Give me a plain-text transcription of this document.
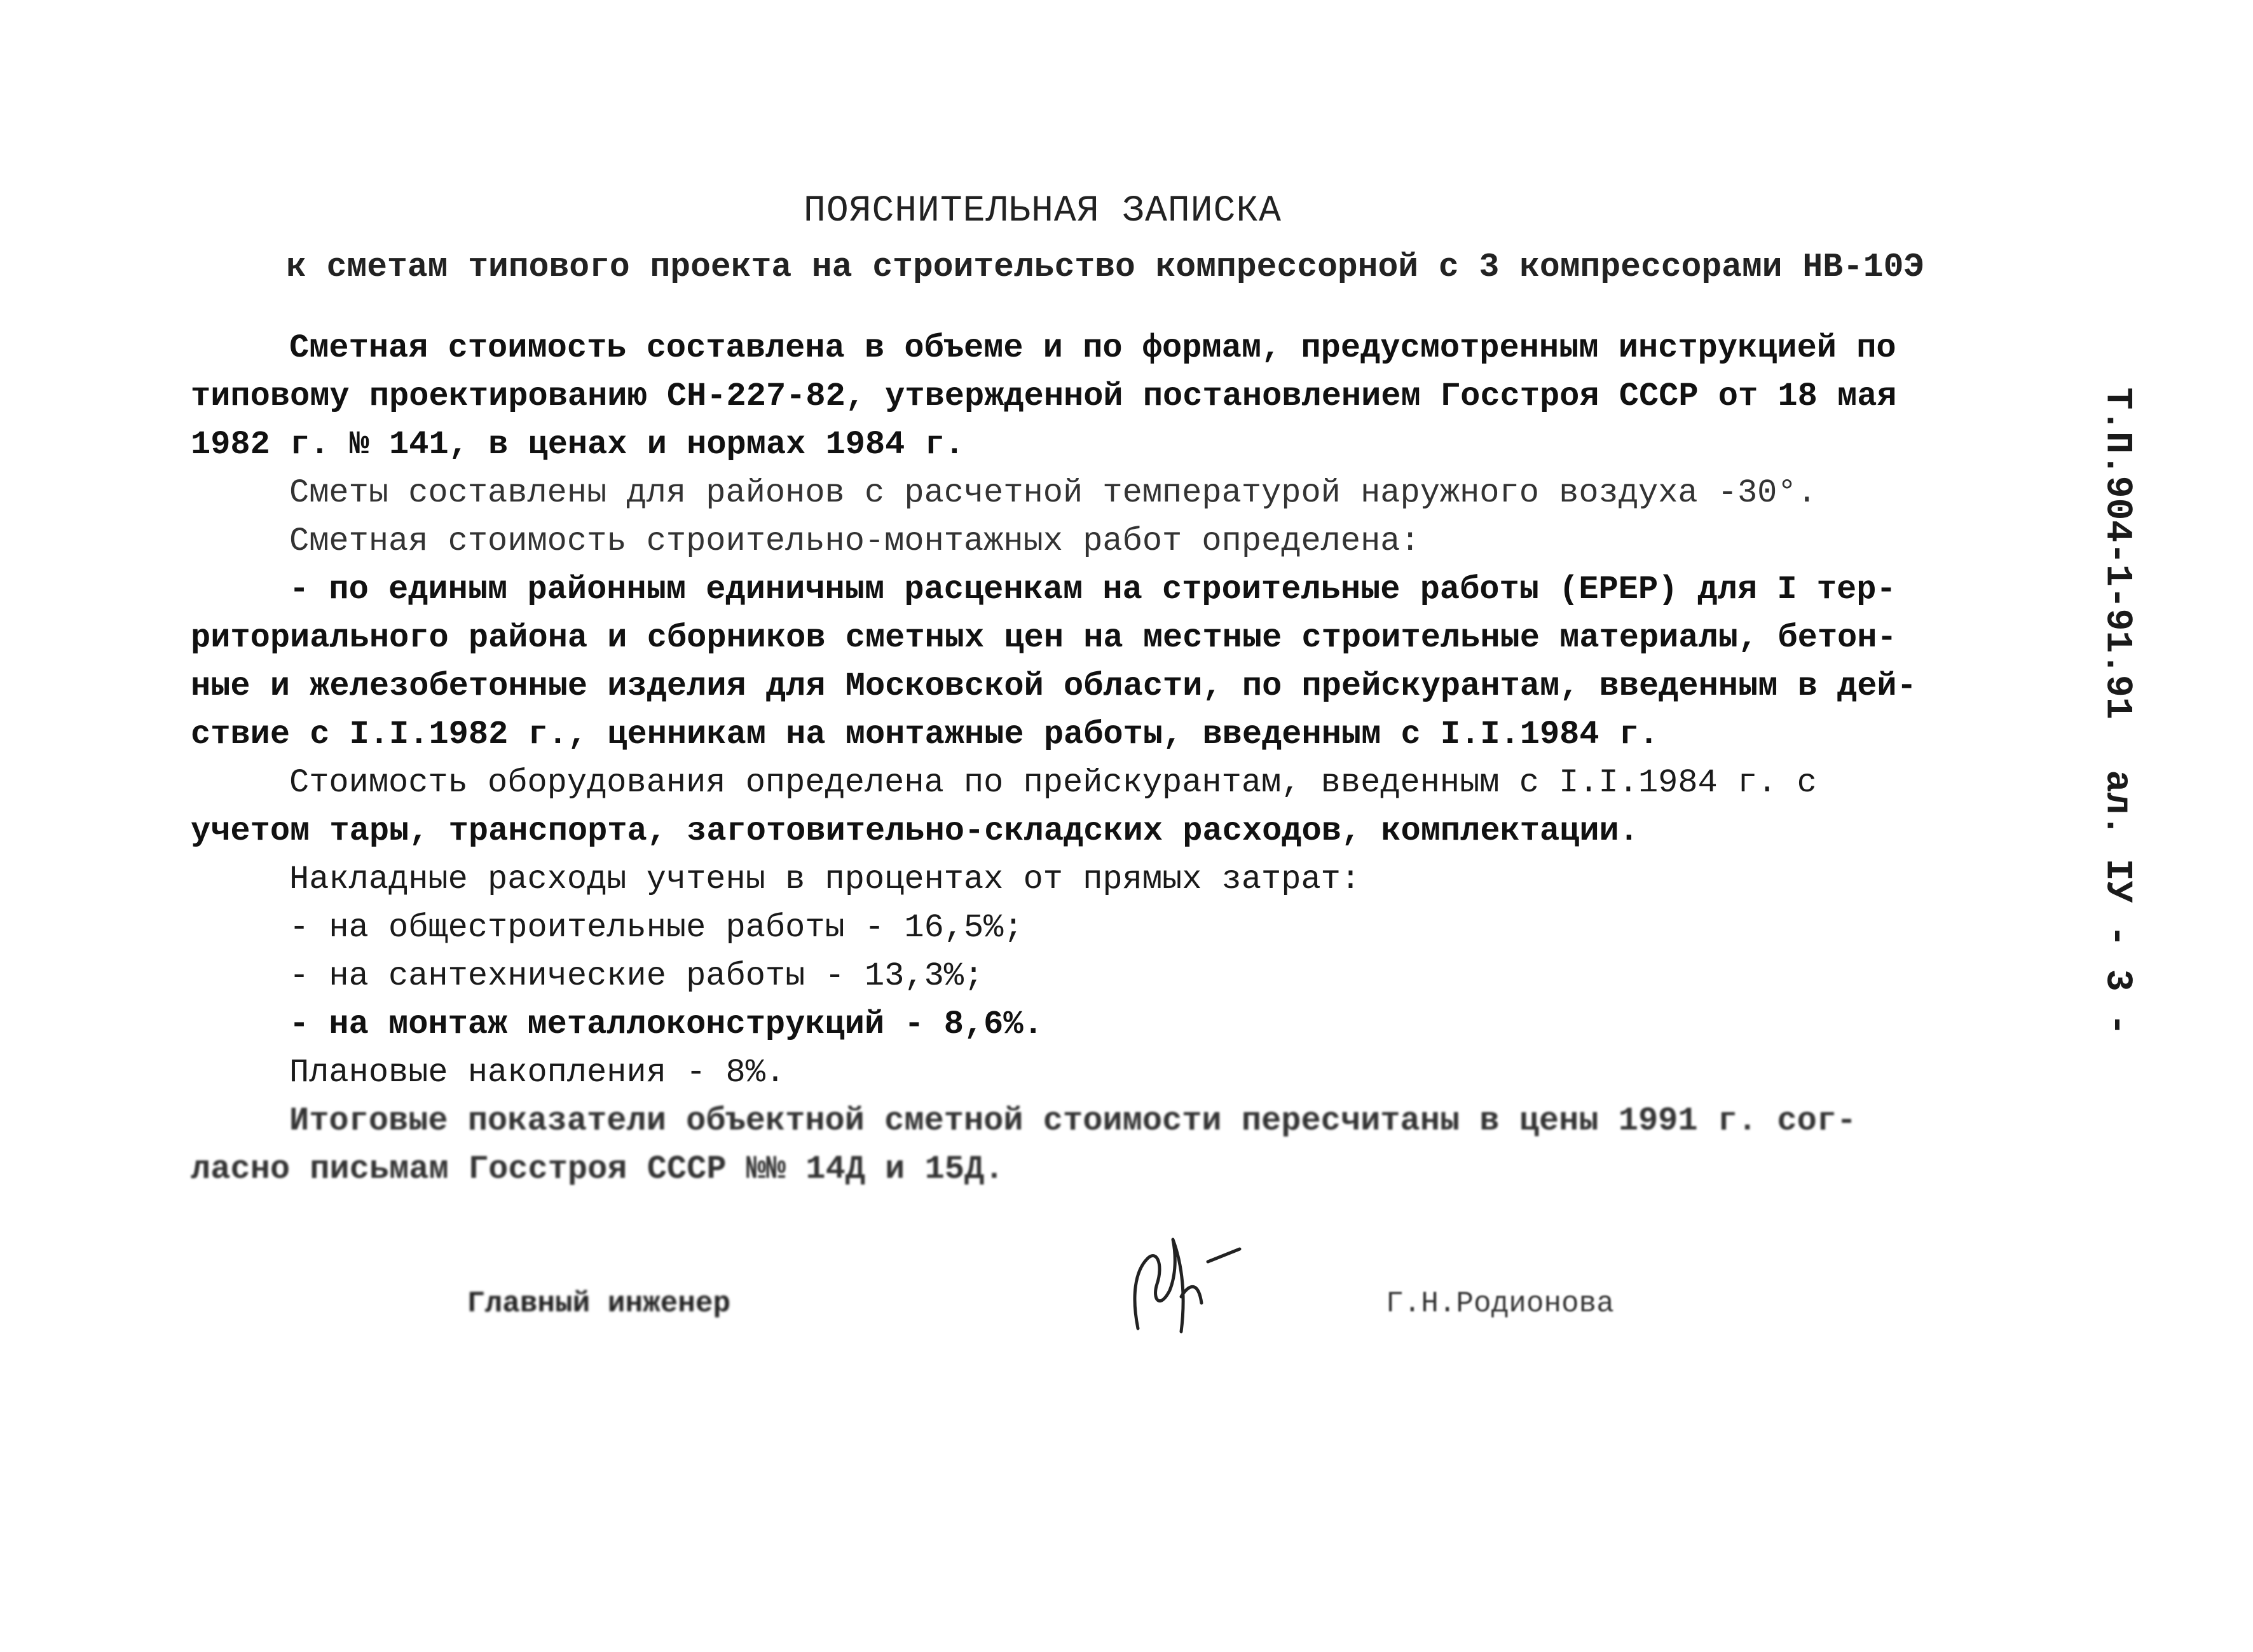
ПОЯСНИТЕЛЬНАЯ ЗАПИСКА
к сметам типового проекта на строительство компрессорной с 3 компрессорами НВ-10Э
Сметная стоимость составлена в объеме и по формам, предусмотренным инструкцией по
типовому проектированию СН-227-82, утвержденной постановлением Госстроя СССР от 18 мая
1982 г. № 141, в ценах и нормах 1984 г.
Сметы составлены для районов с расчетной температурой наружного воздуха -30°.
Сметная стоимость строительно-монтажных работ определена:
- по единым районным единичным расценкам на строительные работы (ЕРЕР) для I тер-
риториального района и сборников сметных цен на местные строительные материалы, бетон-
ные и железобетонные изделия для Московской области, по прейскурантам, введенным в дей-
ствие с I.I.1982 г., ценникам на монтажные работы, введенным с I.I.1984 г.
Стоимость оборудования определена по прейскурантам, введенным с I.I.1984 г. с
учетом тары, транспорта, заготовительно-складских расходов, комплектации.
Накладные расходы учтены в процентах от прямых затрат:
- на общестроительные работы - 16,5%;
- на сантехнические работы - 13,3%;
- на монтаж металлоконструкций - 8,6%.
Плановые накопления - 8%.
Итоговые показатели объектной сметной стоимости пересчитаны в цены 1991 г. сог-
ласно письмам Госстроя СССР №№ 14Д и 15Д.
Т.П.904-1-91.91
ал. IУ - 3 -
Главный инженер	Г.Н.Родионова
